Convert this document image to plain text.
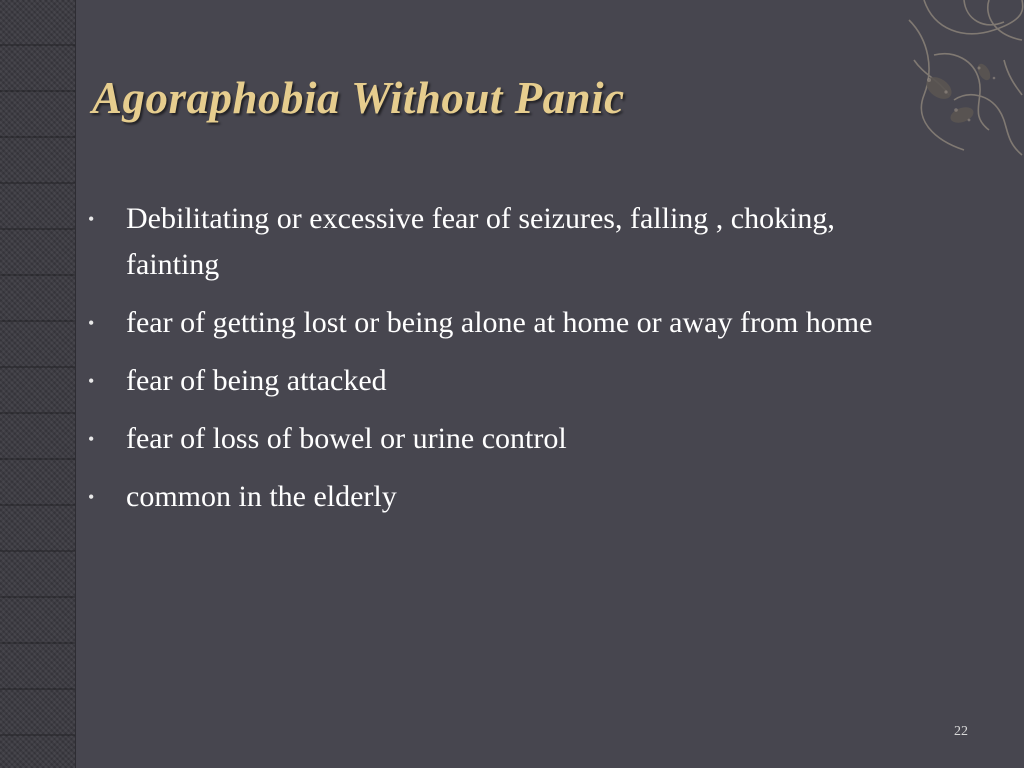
Agoraphobia Without Panic
• Debilitating or excessive fear of seizures, falling , choking, fainting
• fear of getting lost or being alone at home or away from home
• fear of being attacked
• fear of loss of bowel or urine control
• common in the elderly
22
